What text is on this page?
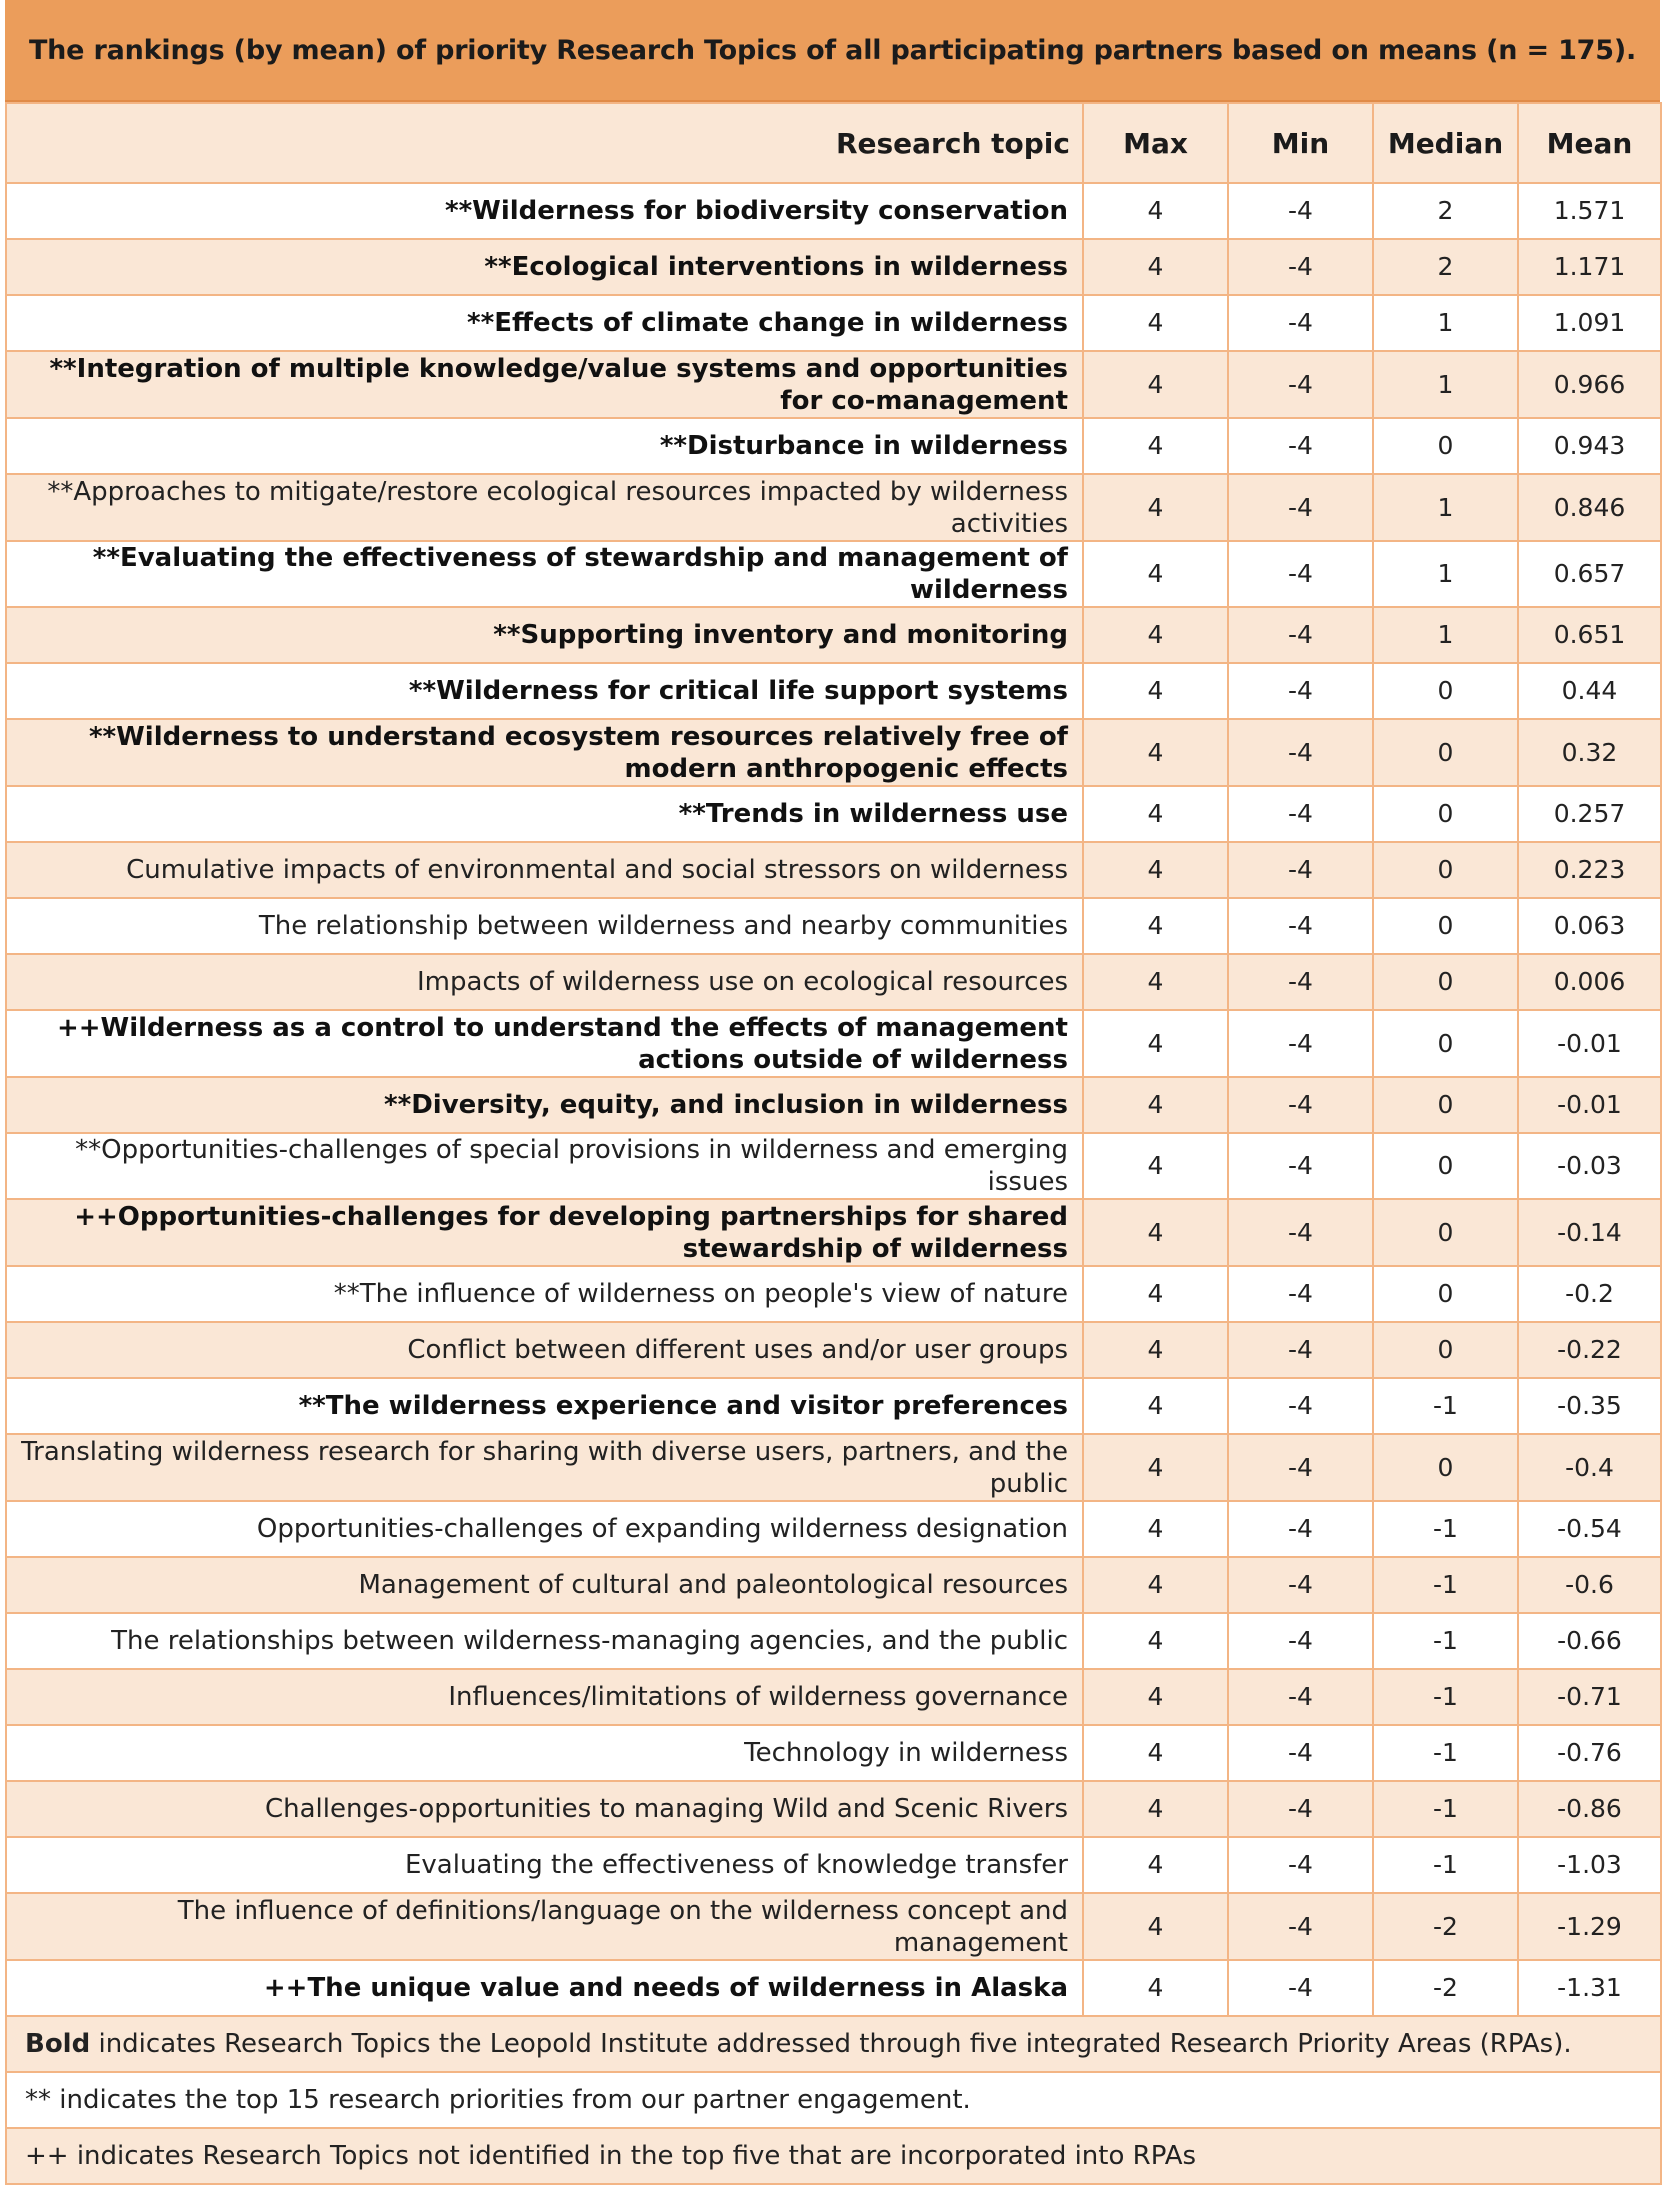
The rankings (by mean) of priority Research Topics of all participating partners based on means (n = 175).
Research topic	Max	Min	Median	Mean
**Wilderness for biodiversity conservation	4	-4	2	1.571
**Ecological interventions in wilderness	4	-4	2	1.171
**Effects of climate change in wilderness	4	-4	1	1.091
**Integration of multiple knowledge/value systems and opportunities for co-management	4	-4	1	0.966
**Disturbance in wilderness	4	-4	0	0.943
**Approaches to mitigate/restore ecological resources impacted by wilderness activities	4	-4	1	0.846
**Evaluating the effectiveness of stewardship and management of wilderness	4	-4	1	0.657
**Supporting inventory and monitoring	4	-4	1	0.651
**Wilderness for critical life support systems	4	-4	0	0.44
**Wilderness to understand ecosystem resources relatively free of modern anthropogenic effects	4	-4	0	0.32
**Trends in wilderness use	4	-4	0	0.257
Cumulative impacts of environmental and social stressors on wilderness	4	-4	0	0.223
The relationship between wilderness and nearby communities	4	-4	0	0.063
Impacts of wilderness use on ecological resources	4	-4	0	0.006
++Wilderness as a control to understand the effects of management actions outside of wilderness	4	-4	0	-0.01
**Diversity, equity, and inclusion in wilderness	4	-4	0	-0.01
**Opportunities-challenges of special provisions in wilderness and emerging issues	4	-4	0	-0.03
++Opportunities-challenges for developing partnerships for shared stewardship of wilderness	4	-4	0	-0.14
**The influence of wilderness on people's view of nature	4	-4	0	-0.2
Conflict between different uses and/or user groups	4	-4	0	-0.22
**The wilderness experience and visitor preferences	4	-4	-1	-0.35
Translating wilderness research for sharing with diverse users, partners, and the public	4	-4	0	-0.4
Opportunities-challenges of expanding wilderness designation	4	-4	-1	-0.54
Management of cultural and paleontological resources	4	-4	-1	-0.6
The relationships between wilderness-managing agencies, and the public	4	-4	-1	-0.66
Influences/limitations of wilderness governance	4	-4	-1	-0.71
Technology in wilderness	4	-4	-1	-0.76
Challenges-opportunities to managing Wild and Scenic Rivers	4	-4	-1	-0.86
Evaluating the effectiveness of knowledge transfer	4	-4	-1	-1.03
The influence of definitions/language on the wilderness concept and management	4	-4	-2	-1.29
++The unique value and needs of wilderness in Alaska	4	-4	-2	-1.31
Bold indicates Research Topics the Leopold Institute addressed through five integrated Research Priority Areas (RPAs).				
** indicates the top 15 research priorities from our partner engagement.				
++ indicates Research Topics not identified in the top five that are incorporated into RPAs				
